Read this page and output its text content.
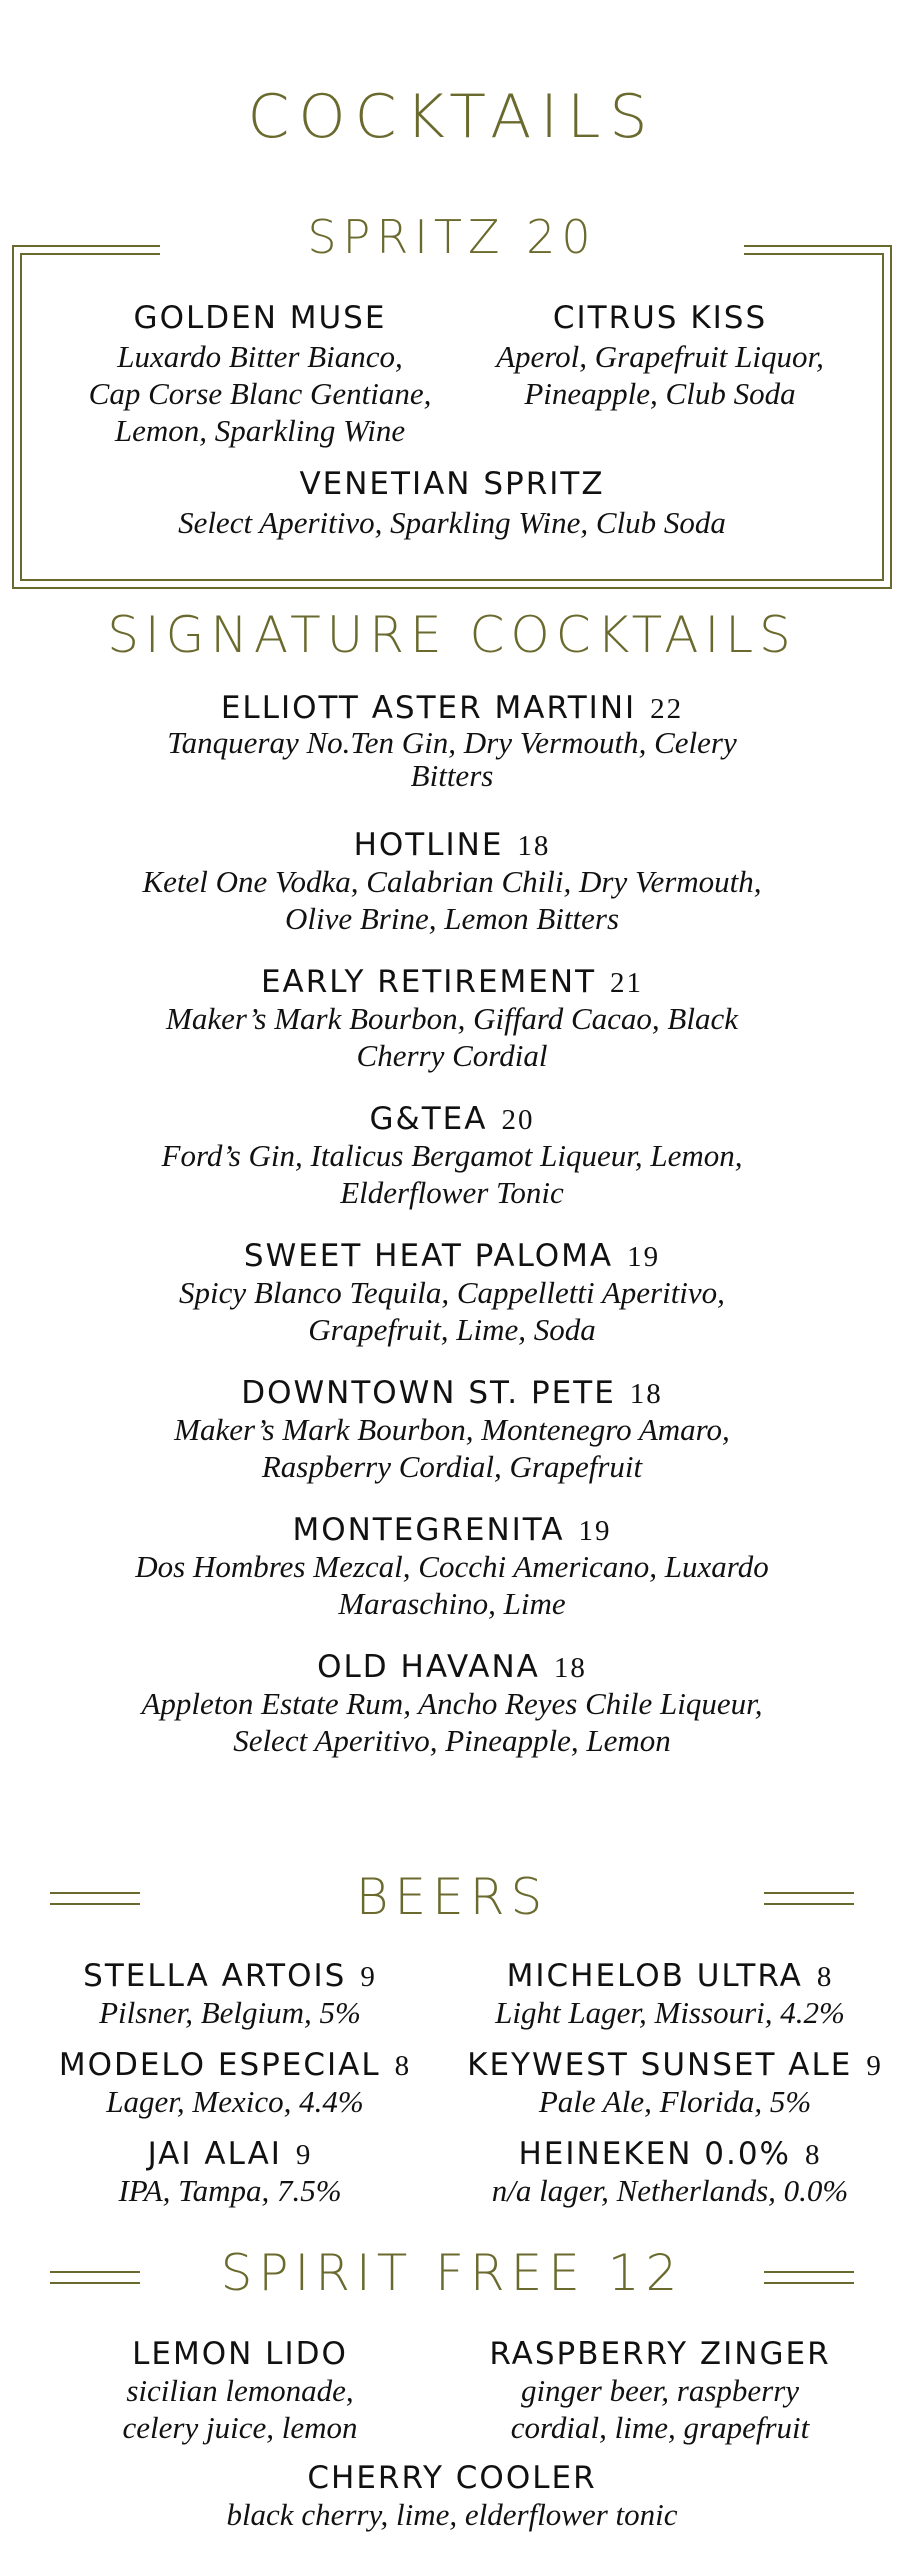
COCKTAILS
SPRITZ 20
GOLDEN MUSE
Luxardo Bitter Bianco,
Cap Corse Blanc Gentiane,
Lemon, Sparkling Wine
CITRUS KISS
Aperol, Grapefruit Liquor,
Pineapple, Club Soda
VENETIAN SPRITZ
Select Aperitivo, Sparkling Wine, Club Soda
SIGNATURE COCKTAILS
ELLIOTT ASTER MARTINI 22
Tanqueray No.Ten Gin, Dry Vermouth, Celery
Bitters
HOTLINE 18
Ketel One Vodka, Calabrian Chili, Dry Vermouth,
Olive Brine, Lemon Bitters
EARLY RETIREMENT 21
Maker’s Mark Bourbon, Giffard Cacao, Black
Cherry Cordial
G&TEA 20
Ford’s Gin, Italicus Bergamot Liqueur, Lemon,
Elderflower Tonic
SWEET HEAT PALOMA 19
Spicy Blanco Tequila, Cappelletti Aperitivo,
Grapefruit, Lime, Soda
DOWNTOWN ST. PETE 18
Maker’s Mark Bourbon, Montenegro Amaro,
Raspberry Cordial, Grapefruit
MONTEGRENITA 19
Dos Hombres Mezcal, Cocchi Americano, Luxardo
Maraschino, Lime
OLD HAVANA 18
Appleton Estate Rum, Ancho Reyes Chile Liqueur,
Select Aperitivo, Pineapple, Lemon
BEERS
STELLA ARTOIS 9
Pilsner, Belgium, 5%
MICHELOB ULTRA 8
Light Lager, Missouri, 4.2%
MODELO ESPECIAL 8
Lager, Mexico, 4.4%
KEYWEST SUNSET ALE 9
Pale Ale, Florida, 5%
JAI ALAI 9
IPA, Tampa, 7.5%
HEINEKEN 0.0% 8
n/a lager, Netherlands, 0.0%
SPIRIT FREE 12
LEMON LIDO
sicilian lemonade,
celery juice, lemon
RASPBERRY ZINGER
ginger beer, raspberry
cordial, lime, grapefruit
CHERRY COOLER
black cherry, lime, elderflower tonic
